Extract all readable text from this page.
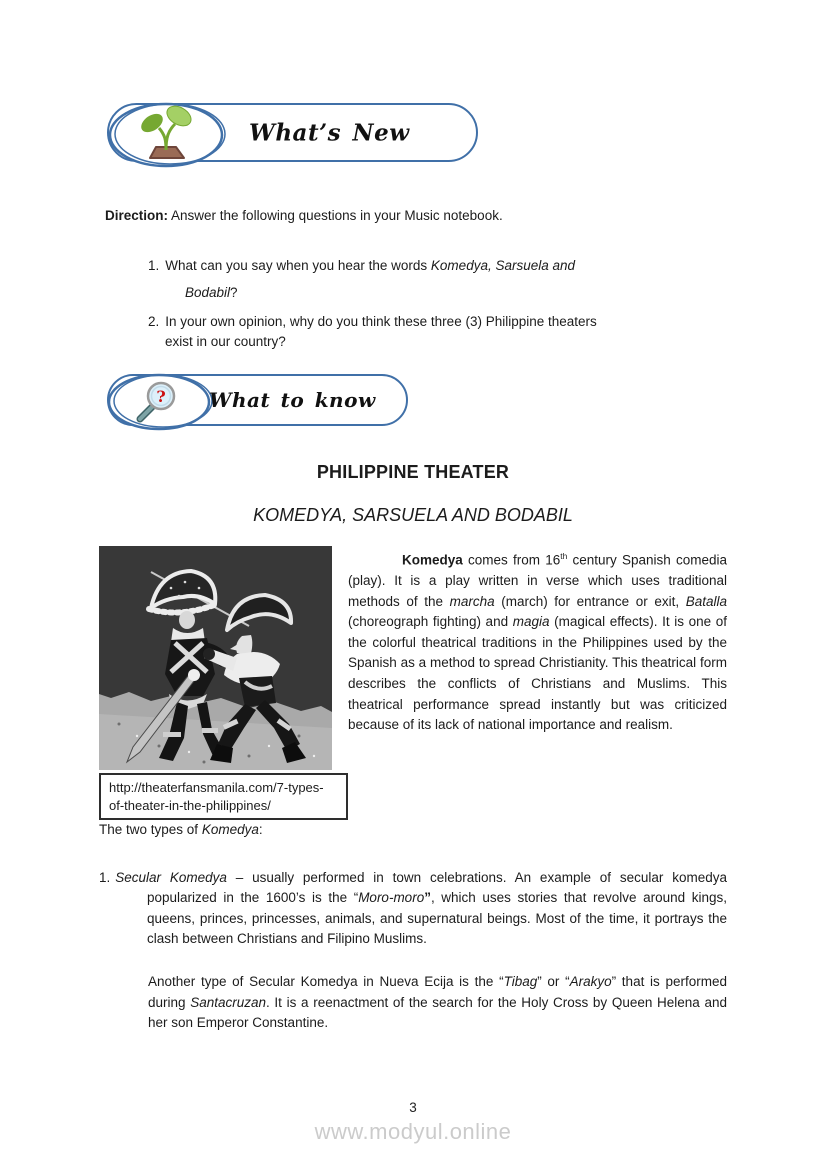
What’s New

Direction: Answer the following questions in your Music notebook.

1. What can you say when you hear the words Komedya, Sarsuela and
Bodabil?
2. In your own opinion, why do you think these three (3) Philippine theaters
exist in our country?
? What to know
PHILIPPINE THEATER
KOMEDYA, SARSUELA AND BODABIL
http://theaterfansmanila.com/7-types-
of-theater-in-the-philippines/

Komedya comes from 16th century Spanish comedia (play). It is a play written in verse which uses traditional methods of the marcha (march) for entrance or exit, Batalla (choreograph fighting) and magia (magical effects). It is one of the colorful theatrical traditions in the Philippines used by the Spanish as a method to spread Christianity. This theatrical form describes the conflicts of Christians and Muslims. This theatrical performance spread instantly but was criticized because of its lack of national importance and realism.

The two types of Komedya:

1. Secular Komedya – usually performed in town celebrations. An example of secular komedya popularized in the 1600’s is the “Moro-moro”, which uses stories that revolve around kings, queens, princes, princesses, animals, and supernatural beings. Most of the time, it portrays the clash between Christians and Filipino Muslims.

Another type of Secular Komedya in Nueva Ecija is the “Tibag” or “Arakyo” that is performed during Santacruzan. It is a reenactment of the search for the Holy Cross by Queen Helena and her son Emperor Constantine.

3
www.modyul.online
